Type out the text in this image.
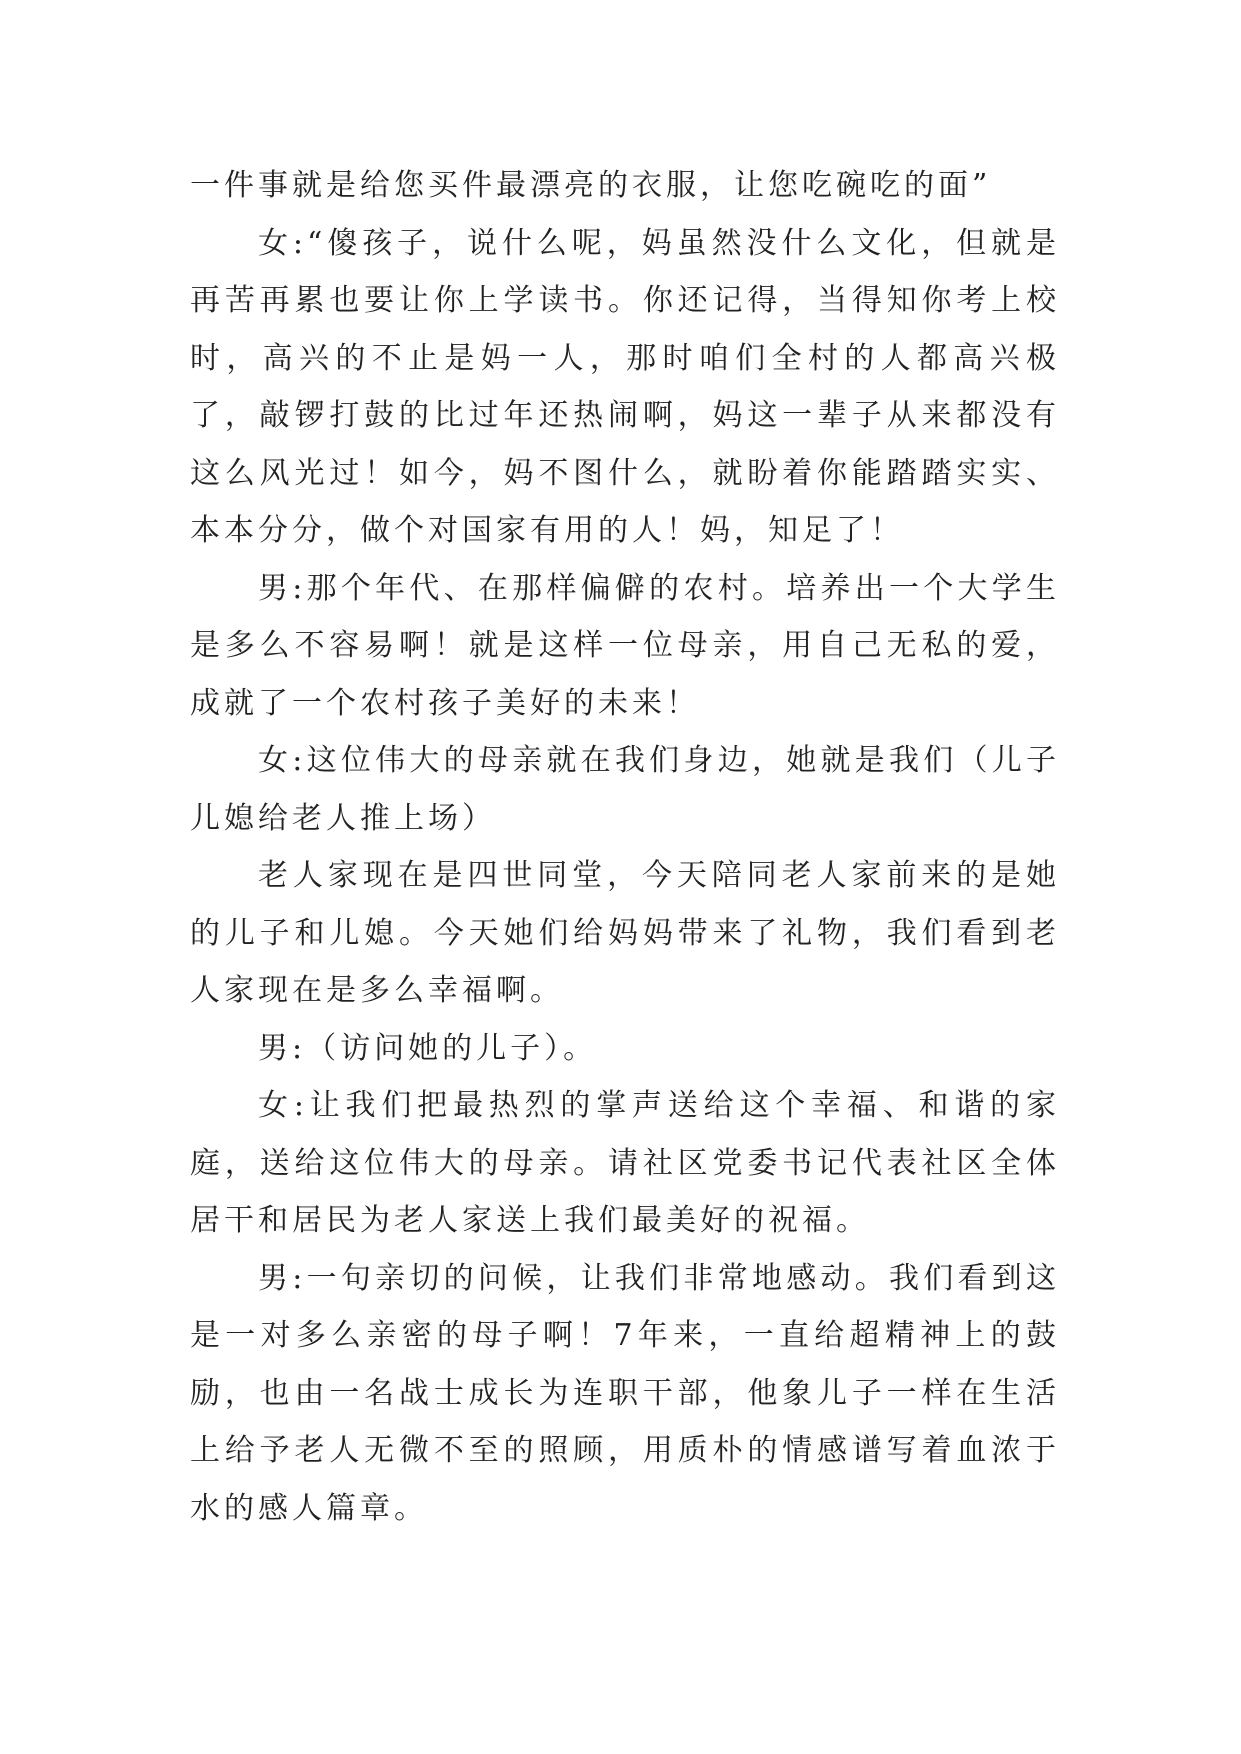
一件事就是给您买件最漂亮的衣服，让您吃碗吃的面”

女:“傻孩子，说什么呢，妈虽然没什么文化，但就是再苦再累也要让你上学读书。你还记得，当得知你考上校时，高兴的不止是妈一人，那时咱们全村的人都高兴极了，敲锣打鼓的比过年还热闹啊，妈这一辈子从来都没有这么风光过！如今，妈不图什么，就盼着你能踏踏实实、本本分分，做个对国家有用的人！妈，知足了！

男:那个年代、在那样偏僻的农村。培养出一个大学生是多么不容易啊！就是这样一位母亲，用自己无私的爱，成就了一个农村孩子美好的未来！

女:这位伟大的母亲就在我们身边，她就是我们（儿子儿媳给老人推上场）

老人家现在是四世同堂，今天陪同老人家前来的是她的儿子和儿媳。今天她们给妈妈带来了礼物，我们看到老人家现在是多么幸福啊。

男:（访问她的儿子）。

女:让我们把最热烈的掌声送给这个幸福、和谐的家庭，送给这位伟大的母亲。请社区党委书记代表社区全体居干和居民为老人家送上我们最美好的祝福。

男:一句亲切的问候，让我们非常地感动。我们看到这是一对多么亲密的母子啊！7年来，一直给超精神上的鼓励，也由一名战士成长为连职干部，他象儿子一样在生活上给予老人无微不至的照顾，用质朴的情感谱写着血浓于水的感人篇章。
